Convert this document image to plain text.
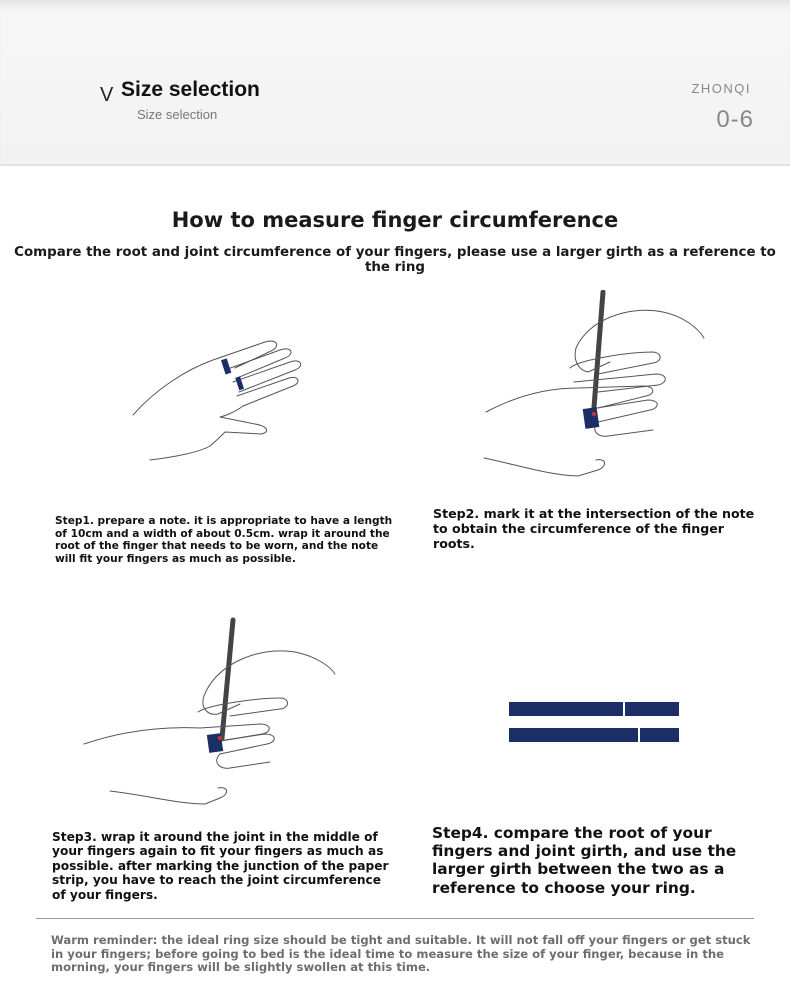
V Size selection
Size selection
ZHONQI
0-6
How to measure finger circumference
Compare the root and joint circumference of your fingers, please use a larger girth as a reference to the ring
Step1. prepare a note. it is appropriate to have a length of 10cm and a width of about 0.5cm. wrap it around the root of the finger that needs to be worn, and the note will fit your fingers as much as possible.
Step2. mark it at the intersection of the note to obtain the circumference of the finger roots.
Step3. wrap it around the joint in the middle of your fingers again to fit your fingers as much as possible. after marking the junction of the paper strip, you have to reach the joint circumference of your fingers.
Step4. compare the root of your fingers and joint girth, and use the larger girth between the two as a reference to choose your ring.
Warm reminder: the ideal ring size should be tight and suitable. It will not fall off your fingers or get stuck in your fingers; before going to bed is the ideal time to measure the size of your finger, because in the morning, your fingers will be slightly swollen at this time.
